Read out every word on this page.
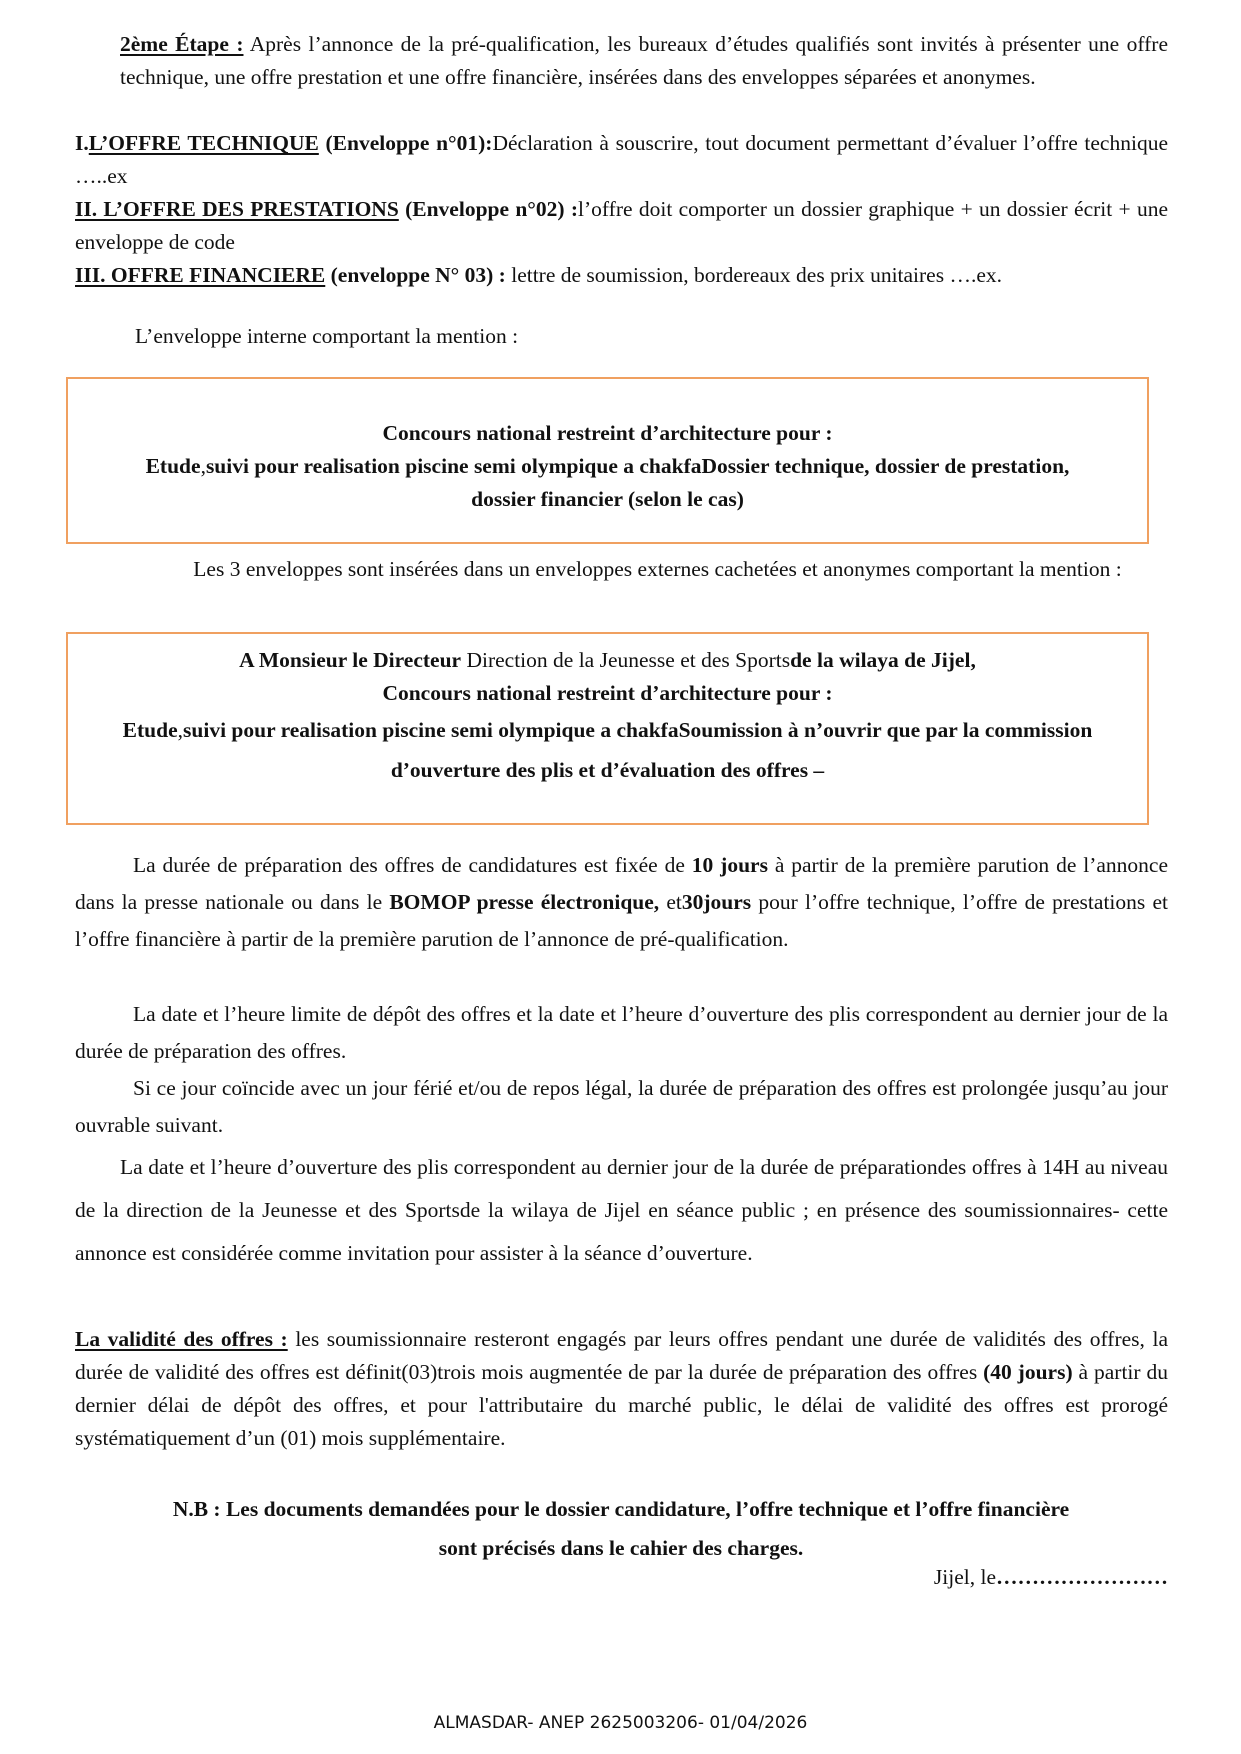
2ème Étape : Après l’annonce de la pré-qualification, les bureaux d’études qualifiés sont invités à présenter une offre technique, une offre prestation et une offre financière, insérées dans des enveloppes séparées et anonymes.
I.L’OFFRE TECHNIQUE (Enveloppe n°01):Déclaration à souscrire, tout document permettant d’évaluer l’offre technique …..ex
II. L’OFFRE DES PRESTATIONS (Enveloppe n°02) :l’offre doit comporter un dossier graphique + un dossier écrit + une enveloppe de code
III. OFFRE FINANCIERE (enveloppe N° 03) : lettre de soumission, bordereaux des prix unitaires ….ex.
L’enveloppe interne comportant la mention :
Concours national restreint d’architecture pour :
Etude,suivi pour realisation piscine semi olympique a chakfaDossier technique, dossier de prestation, dossier financier (selon le cas)
Les 3 enveloppes sont insérées dans un enveloppes externes cachetées et anonymes comportant la mention :
A Monsieur le Directeur Direction de la Jeunesse et des Sportsde la wilaya de Jijel,
Concours national restreint d’architecture pour :
Etude,suivi pour realisation piscine semi olympique a chakfaSoumission à n’ouvrir que par la commission d’ouverture des plis et d’évaluation des offres –
La durée de préparation des offres de candidatures est fixée de 10 jours à partir de la première parution de l’annonce dans la presse nationale ou dans le BOMOP presse électronique, et30jours pour l’offre technique, l’offre de prestations et l’offre financière à partir de la première parution de l’annonce de pré-qualification.
La date et l’heure limite de dépôt des offres et la date et l’heure d’ouverture des plis correspondent au dernier jour de la durée de préparation des offres.
Si ce jour coïncide avec un jour férié et/ou de repos légal, la durée de préparation des offres est prolongée jusqu’au jour ouvrable suivant.
La date et l’heure d’ouverture des plis correspondent au dernier jour de la durée de préparationdes offres à 14H au niveau de la direction de la Jeunesse et des Sportsde la wilaya de Jijel en séance public ; en présence des soumissionnaires- cette annonce est considérée comme invitation pour assister à la séance d’ouverture.
La validité des offres : les soumissionnaire resteront engagés par leurs offres pendant une durée de validités des offres, la durée de validité des offres est définit(03)trois mois augmentée de par la durée de préparation des offres (40 jours) à partir du dernier délai de dépôt des offres, et pour l'attributaire du marché public, le délai de validité des offres est prorogé systématiquement d’un (01) mois supplémentaire.
N.B : Les documents demandées pour le dossier candidature, l’offre technique et l’offre financière
sont précisés dans le cahier des charges.
Jijel, le……………………
ALMASDAR- ANEP 2625003206- 01/04/2026
